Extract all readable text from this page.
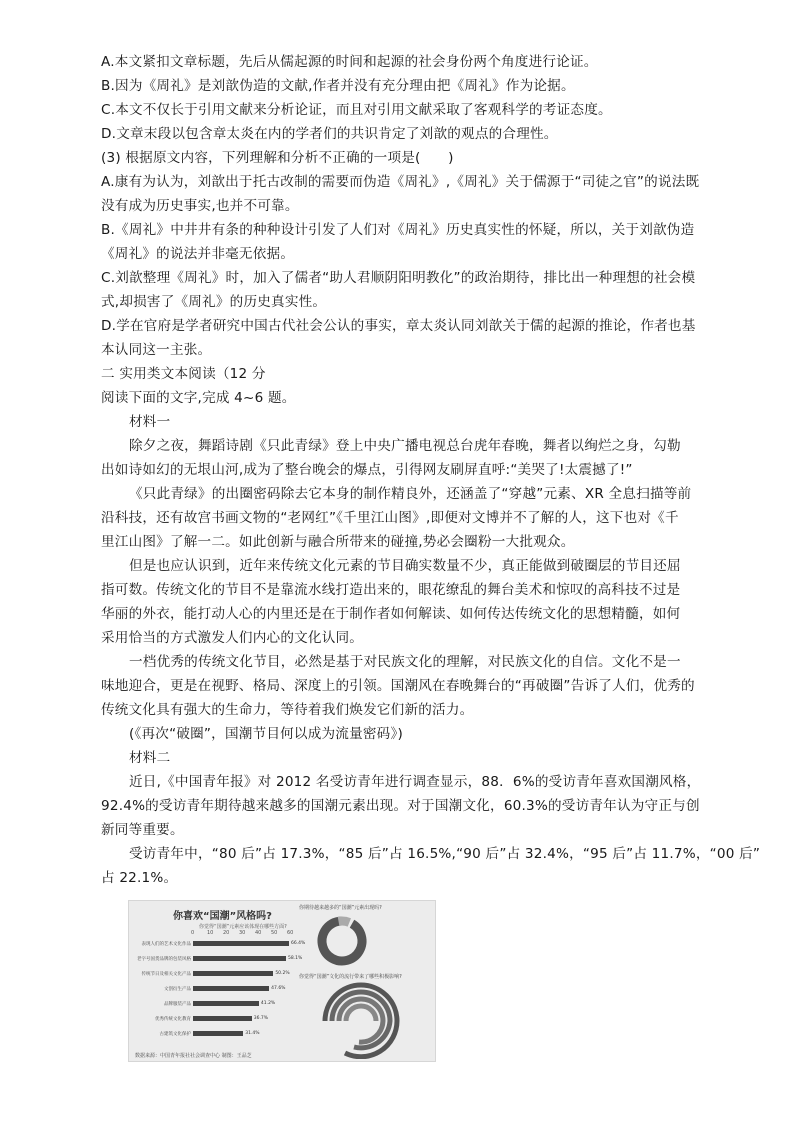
A.本文紧扣文章标题，先后从儒起源的时间和起源的社会身份两个角度进行论证。
B.因为《周礼》是刘歆伪造的文献,作者并没有充分理由把《周礼》作为论据。
C.本文不仅长于引用文献来分析论证，而且对引用文献采取了客观科学的考证态度。
D.文章末段以包含章太炎在内的学者们的共识肯定了刘歆的观点的合理性。
(3) 根据原文内容，下列理解和分析不正确的一项是(　　)
A.康有为认为，刘歆出于托古改制的需要而伪造《周礼》,《周礼》关于儒源于“司徒之官”的说法既
没有成为历史事实,也并不可靠。
B.《周礼》中井井有条的种种设计引发了人们对《周礼》历史真实性的怀疑，所以，关于刘歆伪造
《周礼》的说法并非毫无依据。
C.刘歆整理《周礼》时，加入了儒者“助人君顺阴阳明教化”的政治期待，排比出一种理想的社会模
式,却损害了《周礼》的历史真实性。
D.学在官府是学者研究中国古代社会公认的事实，章太炎认同刘歆关于儒的起源的推论，作者也基
本认同这一主张。
二 实用类文本阅读（12 分
阅读下面的文字,完成 4~6 题。
材料一
除夕之夜，舞蹈诗剧《只此青绿》登上中央广播电视总台虎年春晚，舞者以绚烂之身，勾勒
出如诗如幻的无垠山河,成为了整台晚会的爆点，引得网友刷屏直呼:“美哭了!太震撼了!”
《只此青绿》的出圈密码除去它本身的制作精良外，还涵盖了“穿越”元素、XR 全息扫描等前
沿科技，还有故宫书画文物的“老网红”《千里江山图》,即便对文博并不了解的人，这下也对《千
里江山图》了解一二。如此创新与融合所带来的碰撞,势必会圈粉一大批观众。
但是也应认识到，近年来传统文化元素的节目确实数量不少，真正能做到破圈层的节目还屈
指可数。传统文化的节目不是靠流水线打造出来的，眼花缭乱的舞台美术和惊叹的高科技不过是
华丽的外衣，能打动人心的内里还是在于制作者如何解读、如何传达传统文化的思想精髓，如何
采用恰当的方式激发人们内心的文化认同。
一档优秀的传统文化节目，必然是基于对民族文化的理解，对民族文化的自信。文化不是一
味地迎合，更是在视野、格局、深度上的引领。国潮风在春晚舞台的“再破圈”告诉了人们，优秀的
传统文化具有强大的生命力，等待着我们焕发它们新的活力。
(《再次“破圈”，国潮节目何以成为流量密码》)
材料二
近日,《中国青年报》对 2012 名受访青年进行调查显示，88．6%的受访青年喜欢国潮风格，
92.4%的受访青年期待越来越多的国潮元素出现。对于国潮文化，60.3%的受访青年认为守正与创
新同等重要。
受访青年中，“80 后”占 17.3%，“85 后”占 16.5%,“90 后”占 32.4%，“95 后”占 11.7%，“00 后”
占 22.1%。
你喜欢“国潮”风格吗?
你觉得“国潮”元素应该体现在哪些方面?
0	10 20 30 40 50 60
表现人们的艺术文化作品	66.4%
老字号国货品牌的包装风格	58.1%
传统节日及相关文化产品	50.2%
文创衍生产品	47.6%
品牌服装产品	41.2%
优秀传统文化教育	36.7%
古建筑文化保护	31.4%
你期待越来越多的“国潮”元素出现吗?
你觉得“国潮”文化的流行带来了哪些积极影响?
数据来源：中国青年报社社会调查中心 制图：王品芝
